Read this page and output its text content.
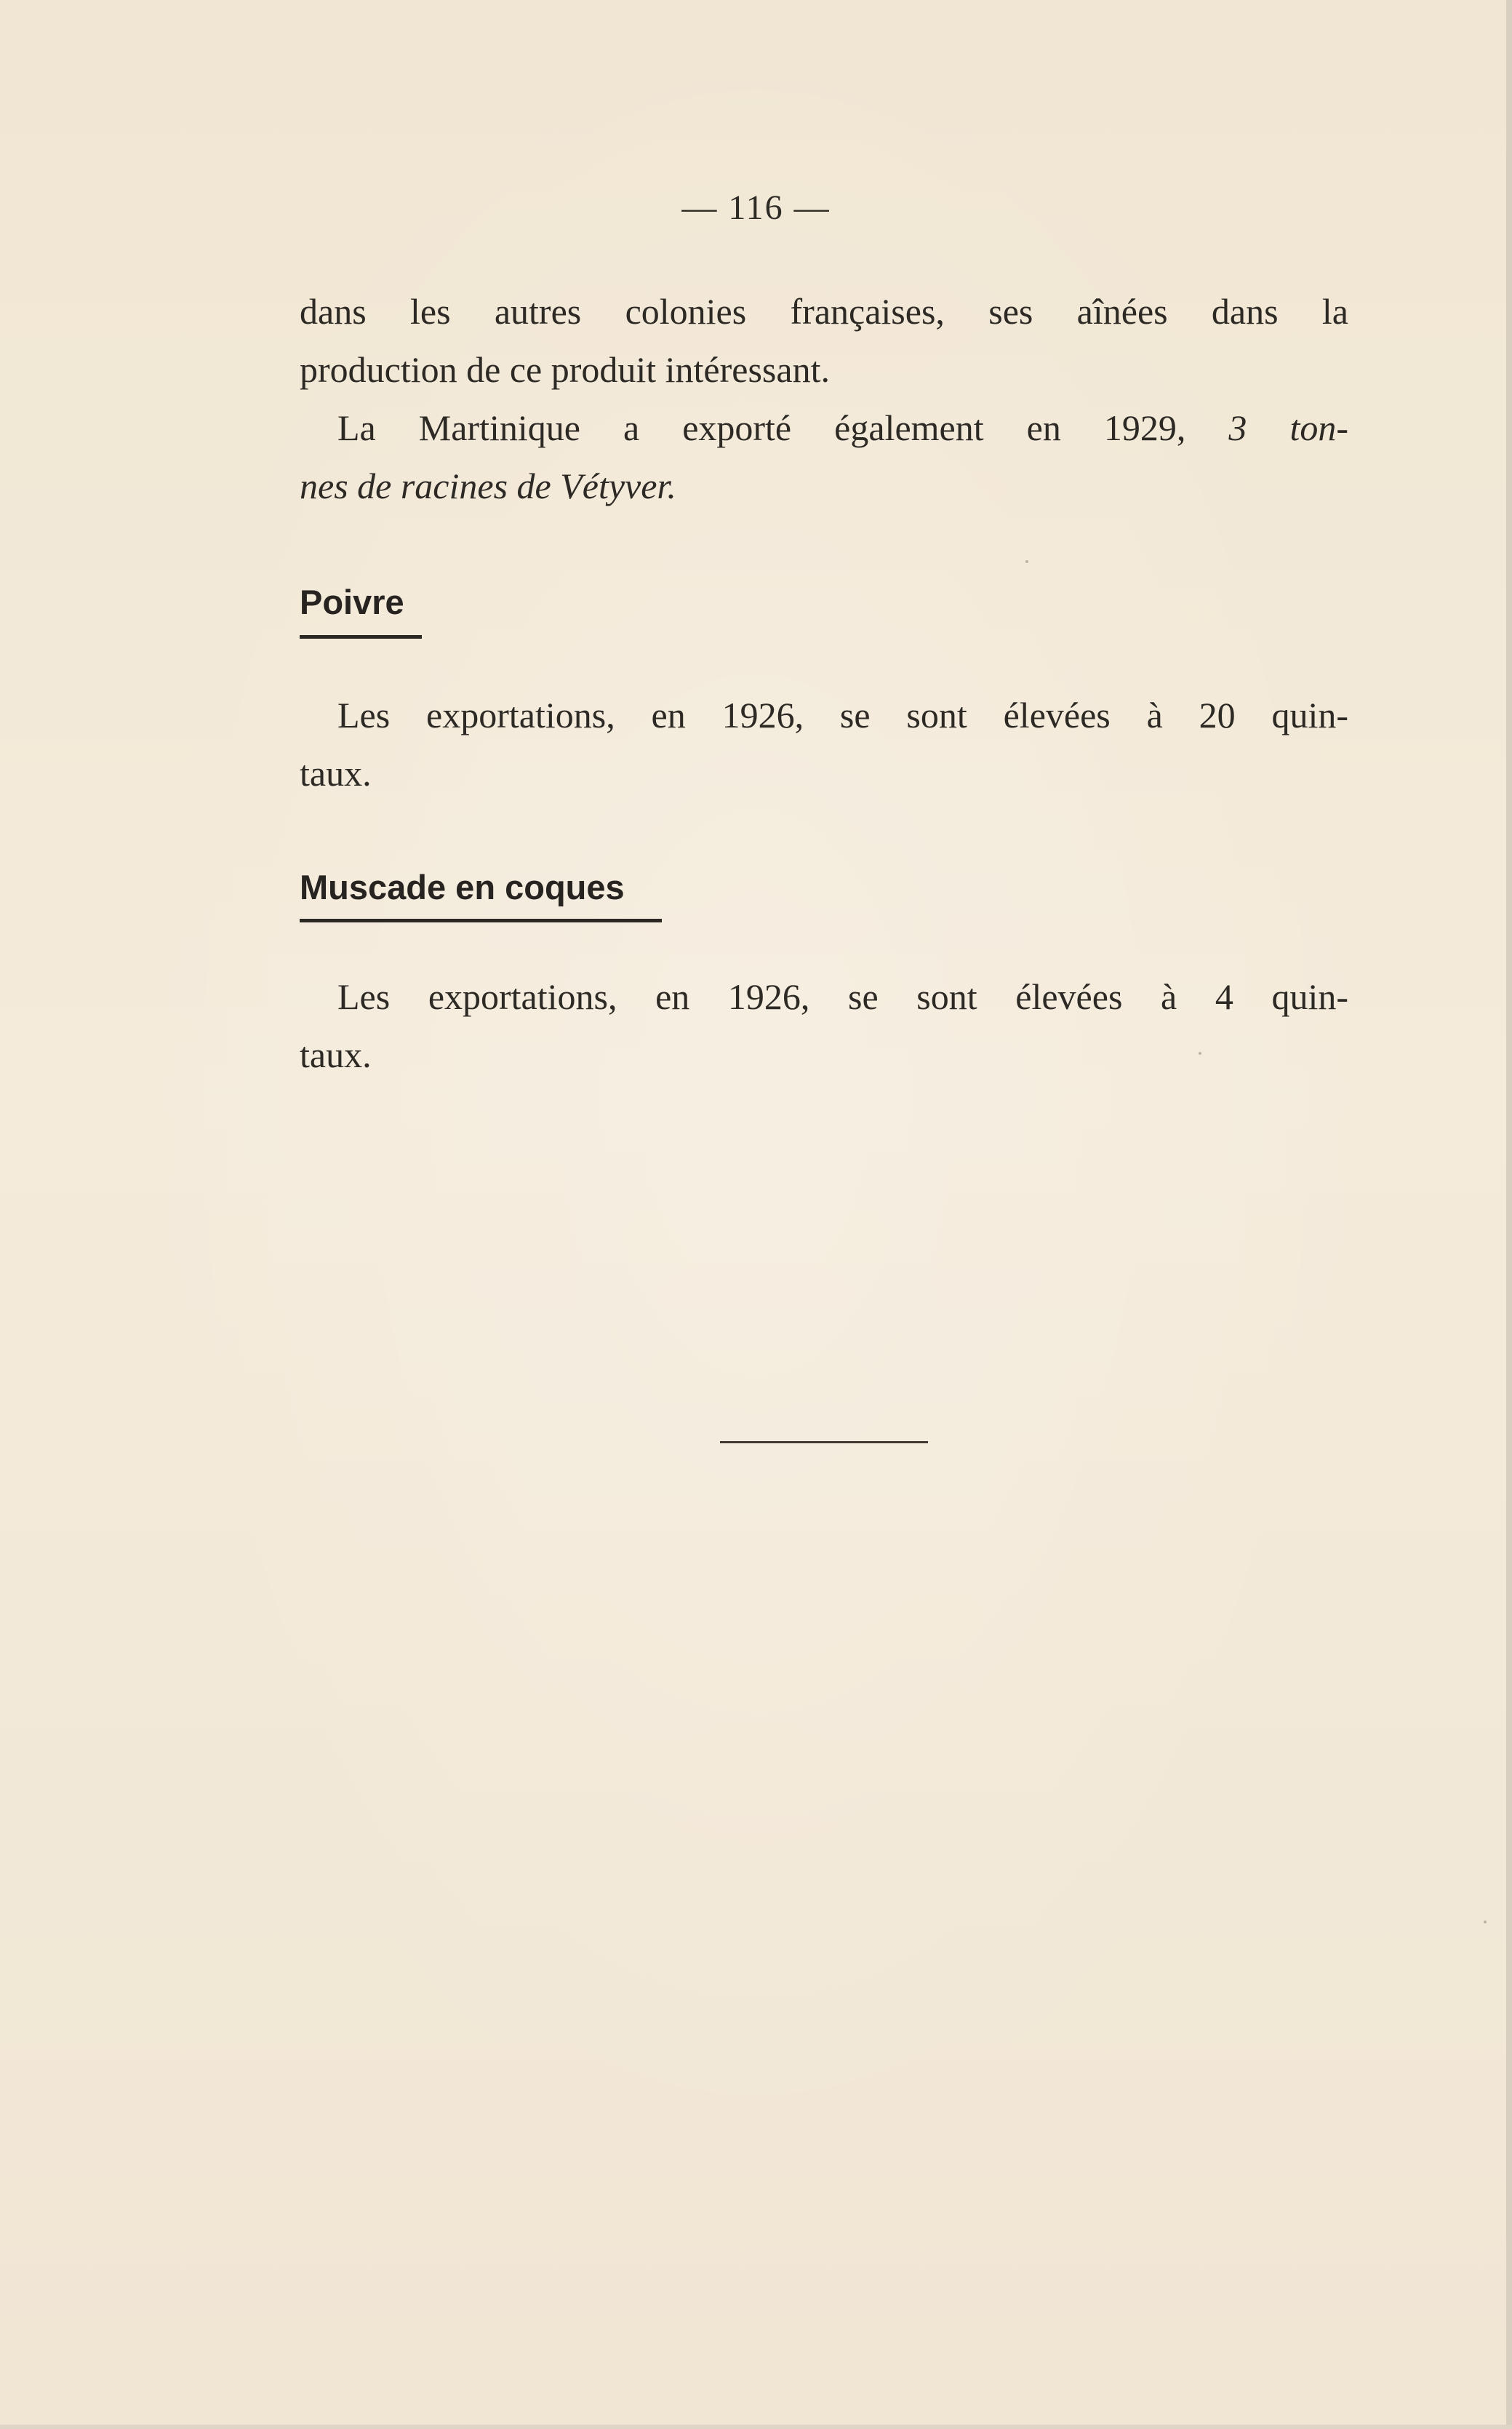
— 116 —

dans les autres colonies françaises, ses aînées dans la
production de ce produit intéressant.

La Martinique a exporté également en 1929, 3 ton-
nes de racines de Vétyver.

Poivre

Les exportations, en 1926, se sont élevées à 20 quin-
taux.

Muscade en coques

Les exportations, en 1926, se sont élevées à 4 quin-
taux.
